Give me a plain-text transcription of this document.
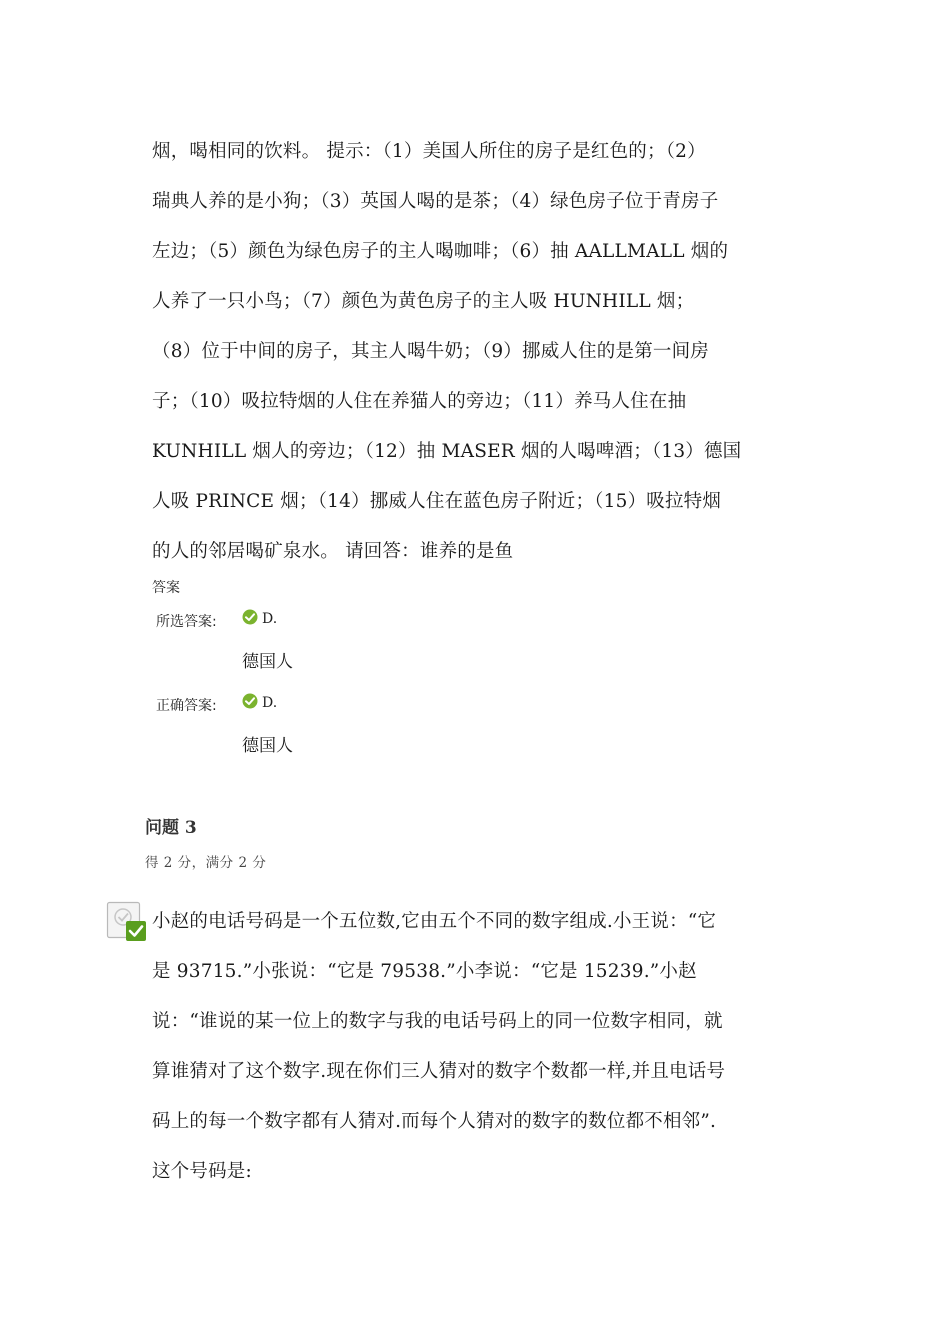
烟，喝相同的饮料。 提示：（1）美国人所住的房子是红色的；（2）
瑞典人养的是小狗；（3）英国人喝的是茶；（4）绿色房子位于青房子
左边；（5）颜色为绿色房子的主人喝咖啡；（6）抽 AALLMALL 烟的
人养了一只小鸟；（7）颜色为黄色房子的主人吸 HUNHILL 烟；
（8）位于中间的房子，其主人喝牛奶；（9）挪威人住的是第一间房
子；（10）吸拉特烟的人住在养猫人的旁边；（11）养马人住在抽
KUNHILL 烟人的旁边；（12）抽 MASER 烟的人喝啤酒；（13）德国
人吸 PRINCE 烟；（14）挪威人住在蓝色房子附近；（15）吸拉特烟
的人的邻居喝矿泉水。 请回答：谁养的是鱼

答案
所选答案:	D.
德国人
正确答案:	D.
德国人
问题 3
得 2 分，满分 2 分

小赵的电话号码是一个五位数,它由五个不同的数字组成.小王说：“它
是 93715.”小张说：“它是 79538.”小李说：“它是 15239.”小赵
说：“谁说的某一位上的数字与我的电话号码上的同一位数字相同，就
算谁猜对了这个数字.现在你们三人猜对的数字个数都一样,并且电话号
码上的每一个数字都有人猜对.而每个人猜对的数字的数位都不相邻”.
这个号码是:
